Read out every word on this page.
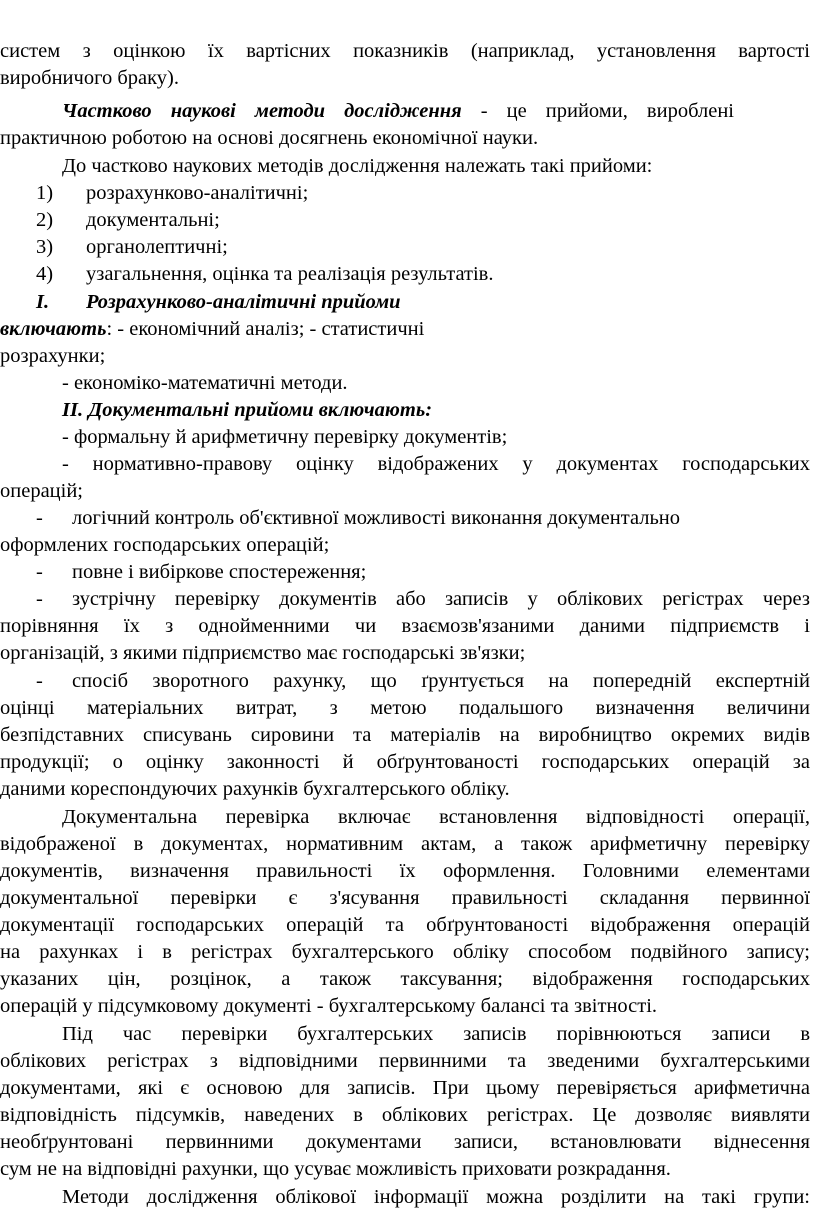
систем з оцінкою їх вартісних показників (наприклад, установлення вартості
виробничого браку).
Частково наукові методи дослідження - це прийоми, вироблені
практичною роботою на основі досягнень економічної науки.
До частково наукових методів дослідження належать такі прийоми:
1) розрахунково-аналітичні;
2) документальні;
3) органолептичні;
4) узагальнення, оцінка та реалізація результатів.
I. Розрахунково-аналітичні прийоми
включають: - економічний аналіз; - статистичні
розрахунки;
- економіко-математичні методи.
II. Документальні прийоми включають:
- формальну й арифметичну перевірку документів;
- нормативно-правову оцінку відображених у документах господарських
операцій;
- логічний контроль об'єктивної можливості виконання документально
оформлених господарських операцій;
- повне і вибіркове спостереження;
- зустрічну перевірку документів або записів у облікових регістрах через
порівняння їх з однойменними чи взаємозв'язаними даними підприємств і
організацій, з якими підприємство має господарські зв'язки;
- спосіб зворотного рахунку, що ґрунтується на попередній експертній
оцінці матеріальних витрат, з метою подальшого визначення величини
безпідставних списувань сировини та матеріалів на виробництво окремих видів
продукції; о оцінку законності й обґрунтованості господарських операцій за
даними кореспондуючих рахунків бухгалтерського обліку.
Документальна перевірка включає встановлення відповідності операції,
відображеної в документах, нормативним актам, а також арифметичну перевірку
документів, визначення правильності їх оформлення. Головними елементами
документальної перевірки є з'ясування правильності складання первинної
документації господарських операцій та обґрунтованості відображення операцій
на рахунках і в регістрах бухгалтерського обліку способом подвійного запису;
указаних цін, розцінок, а також таксування; відображення господарських
операцій у підсумковому документі - бухгалтерському балансі та звітності.
Під час перевірки бухгалтерських записів порівнюються записи в
облікових регістрах з відповідними первинними та зведеними бухгалтерськими
документами, які є основою для записів. При цьому перевіряється арифметична
відповідність підсумків, наведених в облікових регістрах. Це дозволяє виявляти
необґрунтовані первинними документами записи, встановлювати віднесення
сум не на відповідні рахунки, що усуває можливість приховати розкрадання.
Методи дослідження облікової інформації можна розділити на такі групи:
